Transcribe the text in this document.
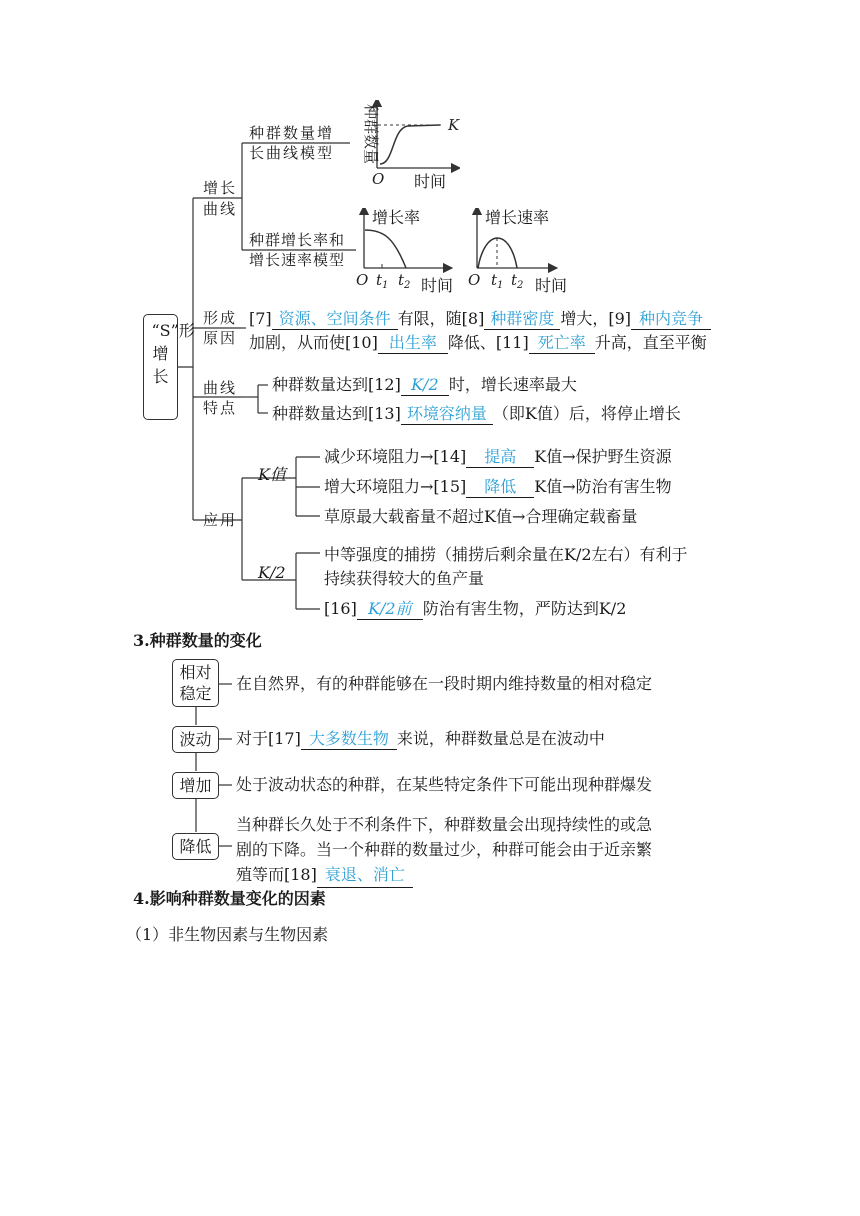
“S”形增长
增长曲线
种群数量增
长曲线模型
种群增长率和
增长速率模型
种群数量
O
K
时间
O $t_1$ $t_2$
增长率
时间 O $t_1$ $t_2$
增长速率
时间
形成
原因
[7] 资源、空间条件 有限，随[8] 种群密度 增大，[9] 种内竞争
加剧，从而使[10] 出生率 降低、[11] 死亡率 升高，直至平衡
曲线
特点
种群数量达到[12] K/2 时，增长速率最大
种群数量达到[13] 环境容纳量 （即K值）后，将停止增长
应用
K值
减少环境阻力→[14] 提高 K值→保护野生资源
增大环境阻力→[15] 降低 K值→防治有害生物
草原最大载畜量不超过K值→合理确定载畜量
K/2
中等强度的捕捞（捕捞后剩余量在K/2左右）有利于
持续获得较大的鱼产量
[16] K/2前 防治有害生物，严防达到K/2
3.种群数量的变化
相对
稳定
在自然界，有的种群能够在一段时期内维持数量的相对稳定
波动	对于[17] 大多数生物 来说，种群数量总是在波动中
增加	处于波动状态的种群，在某些特定条件下可能出现种群爆发
降低
当种群长久处于不利条件下，种群数量会出现持续性的或急
剧的下降。当一个种群的数量过少，种群可能会由于近亲繁
殖等而[18] 衰退、消亡
4.影响种群数量变化的因素
（1）非生物因素与生物因素
